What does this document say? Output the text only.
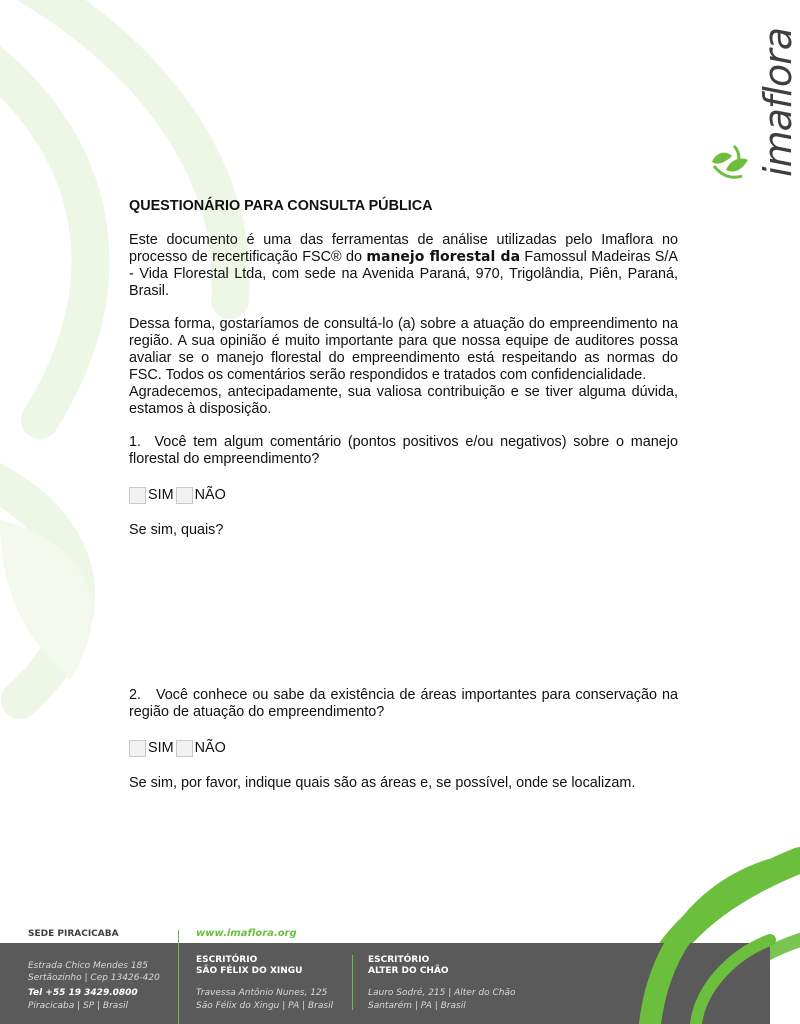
imaflora
QUESTIONÁRIO PARA CONSULTA PÚBLICA

Este documento é uma das ferramentas de análise utilizadas pelo Imaflora no processo de recertificação FSC® do manejo florestal da Famossul Madeiras S/A - Vida Florestal Ltda, com sede na Avenida Paraná, 970, Trigolândia, Piên, Paraná, Brasil.

Dessa forma, gostaríamos de consultá-lo (a) sobre a atuação do empreendimento na região. A sua opinião é muito importante para que nossa equipe de auditores possa avaliar se o manejo florestal do empreendimento está respeitando as normas do FSC. Todos os comentários serão respondidos e tratados com confidencialidade.

Agradecemos, antecipadamente, sua valiosa contribuição e se tiver alguma dúvida, estamos à disposição.

1.  Você tem algum comentário (pontos positivos e/ou negativos) sobre o manejo florestal do empreendimento?

SIM NÃO

Se sim, quais?

2.   Você conhece ou sabe da existência de áreas importantes para conservação na região de atuação do empreendimento?

SIM NÃO

Se sim, por favor, indique quais são as áreas e, se possível, onde se localizam.

www.imaflora.org
SEDE PIRACICABA
Estrada Chico Mendes 185
Sertãozinho | Cep 13426-420
Tel +55 19 3429.0800
Piracicaba | SP | Brasil
ESCRITÓRIO
SÃO FÉLIX DO XINGU
Travessa Antônio Nunes, 125
São Félix do Xingu | PA | Brasil
ESCRITÓRIO
ALTER DO CHÃO
Lauro Sodré, 215 | Alter do Chão
Santarém | PA | Brasil
